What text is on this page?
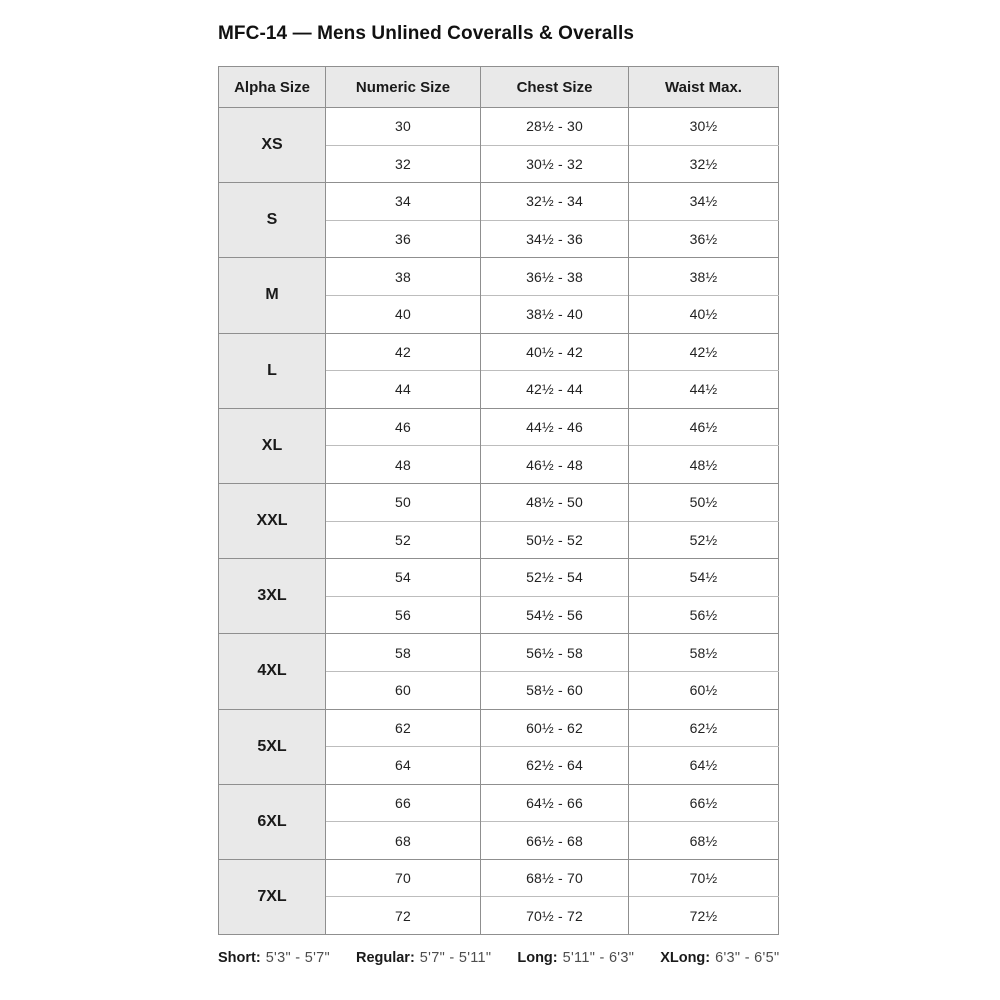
MFC-14 — Mens Unlined Coveralls & Overalls
Alpha Size	Numeric Size	Chest Size	Waist Max.
XS	30	28½ - 30	30½
	32	30½ - 32	32½
S	34	32½ - 34	34½
	36	34½ - 36	36½
M	38	36½ - 38	38½
	40	38½ - 40	40½
L	42	40½ - 42	42½
	44	42½ - 44	44½
XL	46	44½ - 46	46½
	48	46½ - 48	48½
XXL	50	48½ - 50	50½
	52	50½ - 52	52½
3XL	54	52½ - 54	54½
	56	54½ - 56	56½
4XL	58	56½ - 58	58½
	60	58½ - 60	60½
5XL	62	60½ - 62	62½
	64	62½ - 64	64½
6XL	66	64½ - 66	66½
	68	66½ - 68	68½
7XL	70	68½ - 70	70½
	72	70½ - 72	72½
Short: 5'3" - 5'7" Regular: 5'7" - 5'11" Long: 5'11" - 6'3" XLong: 6'3" - 6'5"
